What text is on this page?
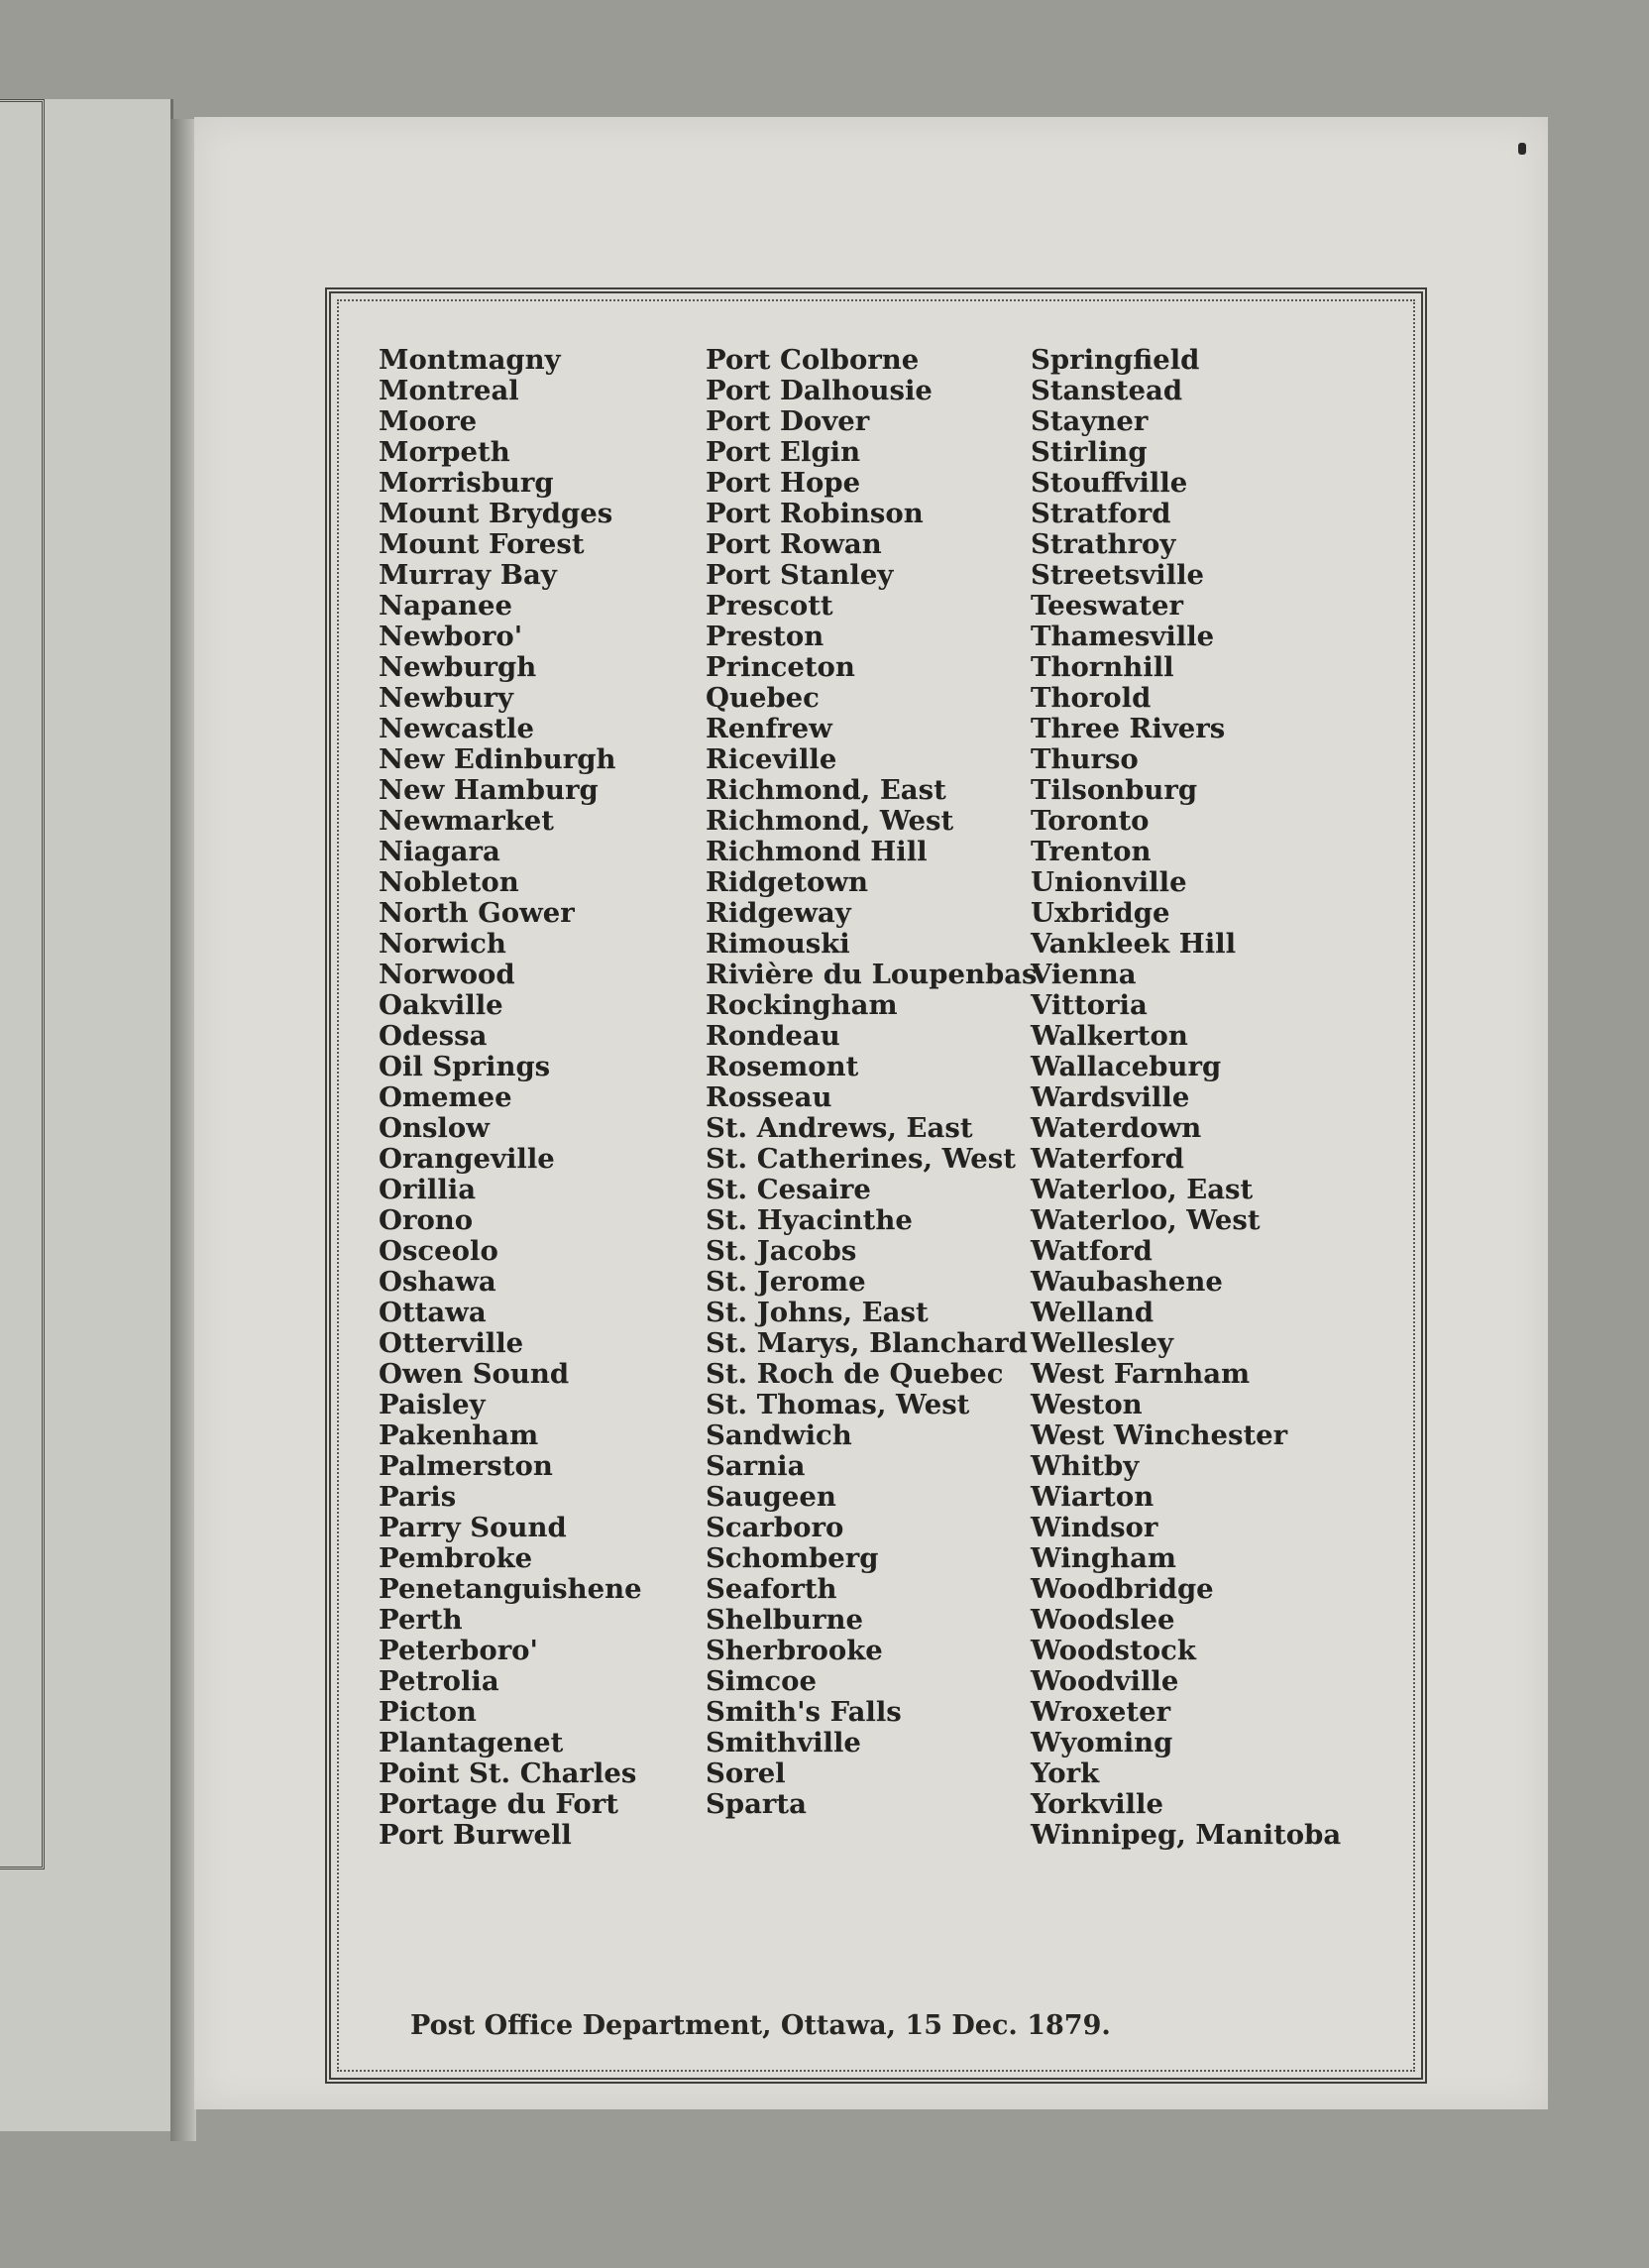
Montmagny
Montreal
Moore
Morpeth
Morrisburg
Mount Brydges
Mount Forest
Murray Bay
Napanee
Newboro'
Newburgh
Newbury
Newcastle
New Edinburgh
New Hamburg
Newmarket
Niagara
Nobleton
North Gower
Norwich
Norwood
Oakville
Odessa
Oil Springs
Omemee
Onslow
Orangeville
Orillia
Orono
Osceolo
Oshawa
Ottawa
Otterville
Owen Sound
Paisley
Pakenham
Palmerston
Paris
Parry Sound
Pembroke
Penetanguishene
Perth
Peterboro'
Petrolia
Picton
Plantagenet
Point St. Charles
Portage du Fort
Port Burwell
Port Colborne
Port Dalhousie
Port Dover
Port Elgin
Port Hope
Port Robinson
Port Rowan
Port Stanley
Prescott
Preston
Princeton
Quebec
Renfrew
Riceville
Richmond, East
Richmond, West
Richmond Hill
Ridgetown
Ridgeway
Rimouski
Rivière du Loupenbas
Rockingham
Rondeau
Rosemont
Rosseau
St. Andrews, East
St. Catherines, West
St. Cesaire
St. Hyacinthe
St. Jacobs
St. Jerome
St. Johns, East
St. Marys, Blanchard
St. Roch de Quebec
St. Thomas, West
Sandwich
Sarnia
Saugeen
Scarboro
Schomberg
Seaforth
Shelburne
Sherbrooke
Simcoe
Smith's Falls
Smithville
Sorel
Sparta
Springfield
Stanstead
Stayner
Stirling
Stouffville
Stratford
Strathroy
Streetsville
Teeswater
Thamesville
Thornhill
Thorold
Three Rivers
Thurso
Tilsonburg
Toronto
Trenton
Unionville
Uxbridge
Vankleek Hill
Vienna
Vittoria
Walkerton
Wallaceburg
Wardsville
Waterdown
Waterford
Waterloo, East
Waterloo, West
Watford
Waubashene
Welland
Wellesley
West Farnham
Weston
West Winchester
Whitby
Wiarton
Windsor
Wingham
Woodbridge
Woodslee
Woodstock
Woodville
Wroxeter
Wyoming
York
Yorkville
Winnipeg, Manitoba
Post Office Department, Ottawa, 15 Dec. 1879.
